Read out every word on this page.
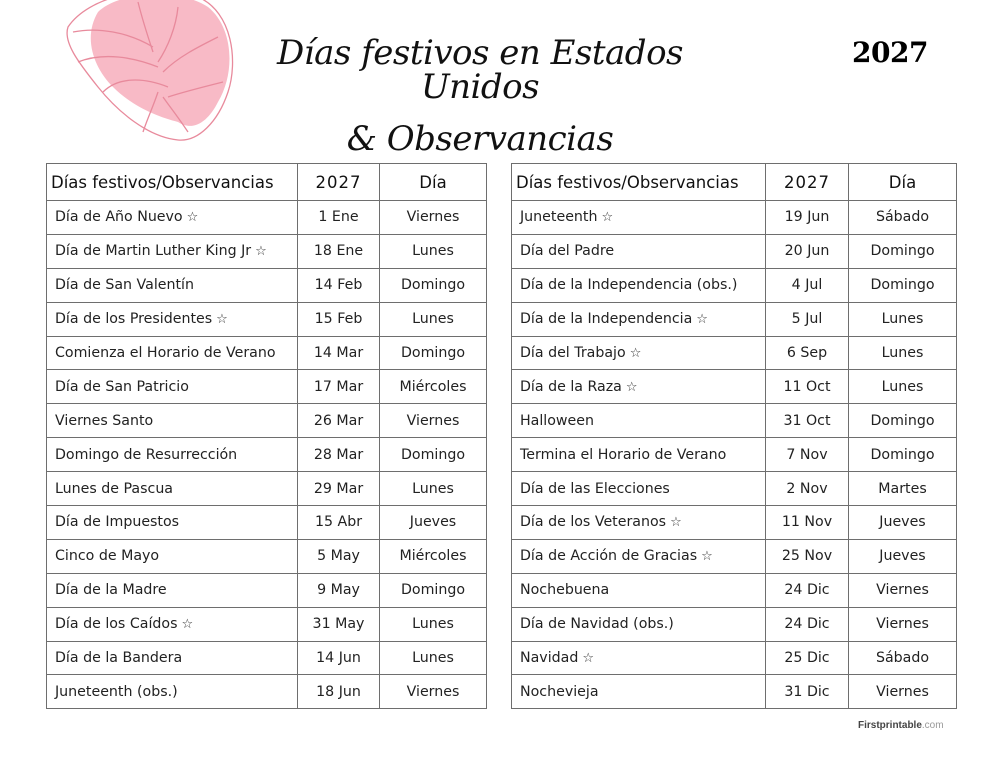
Días festivos en Estados Unidos
& Observancias
2027
Días festivos/Observancias	2027	Día
Día de Año Nuevo ☆	1 Ene	Viernes
Día de Martin Luther King Jr ☆	18 Ene	Lunes
Día de San Valentín	14 Feb	Domingo
Día de los Presidentes ☆	15 Feb	Lunes
Comienza el Horario de Verano	14 Mar	Domingo
Día de San Patricio	17 Mar	Miércoles
Viernes Santo	26 Mar	Viernes
Domingo de Resurrección	28 Mar	Domingo
Lunes de Pascua	29 Mar	Lunes
Día de Impuestos	15 Abr	Jueves
Cinco de Mayo	5 May	Miércoles
Día de la Madre	9 May	Domingo
Día de los Caídos ☆	31 May	Lunes
Día de la Bandera	14 Jun	Lunes
Juneteenth (obs.)	18 Jun	Viernes
Días festivos/Observancias	2027	Día
Juneteenth ☆	19 Jun	Sábado
Día del Padre	20 Jun	Domingo
Día de la Independencia (obs.)	4 Jul	Domingo
Día de la Independencia ☆	5 Jul	Lunes
Día del Trabajo ☆	6 Sep	Lunes
Día de la Raza ☆	11 Oct	Lunes
Halloween	31 Oct	Domingo
Termina el Horario de Verano	7 Nov	Domingo
Día de las Elecciones	2 Nov	Martes
Día de los Veteranos ☆	11 Nov	Jueves
Día de Acción de Gracias ☆	25 Nov	Jueves
Nochebuena	24 Dic	Viernes
Día de Navidad (obs.)	24 Dic	Viernes
Navidad ☆	25 Dic	Sábado
Nochevieja	31 Dic	Viernes
Firstprintable.com
